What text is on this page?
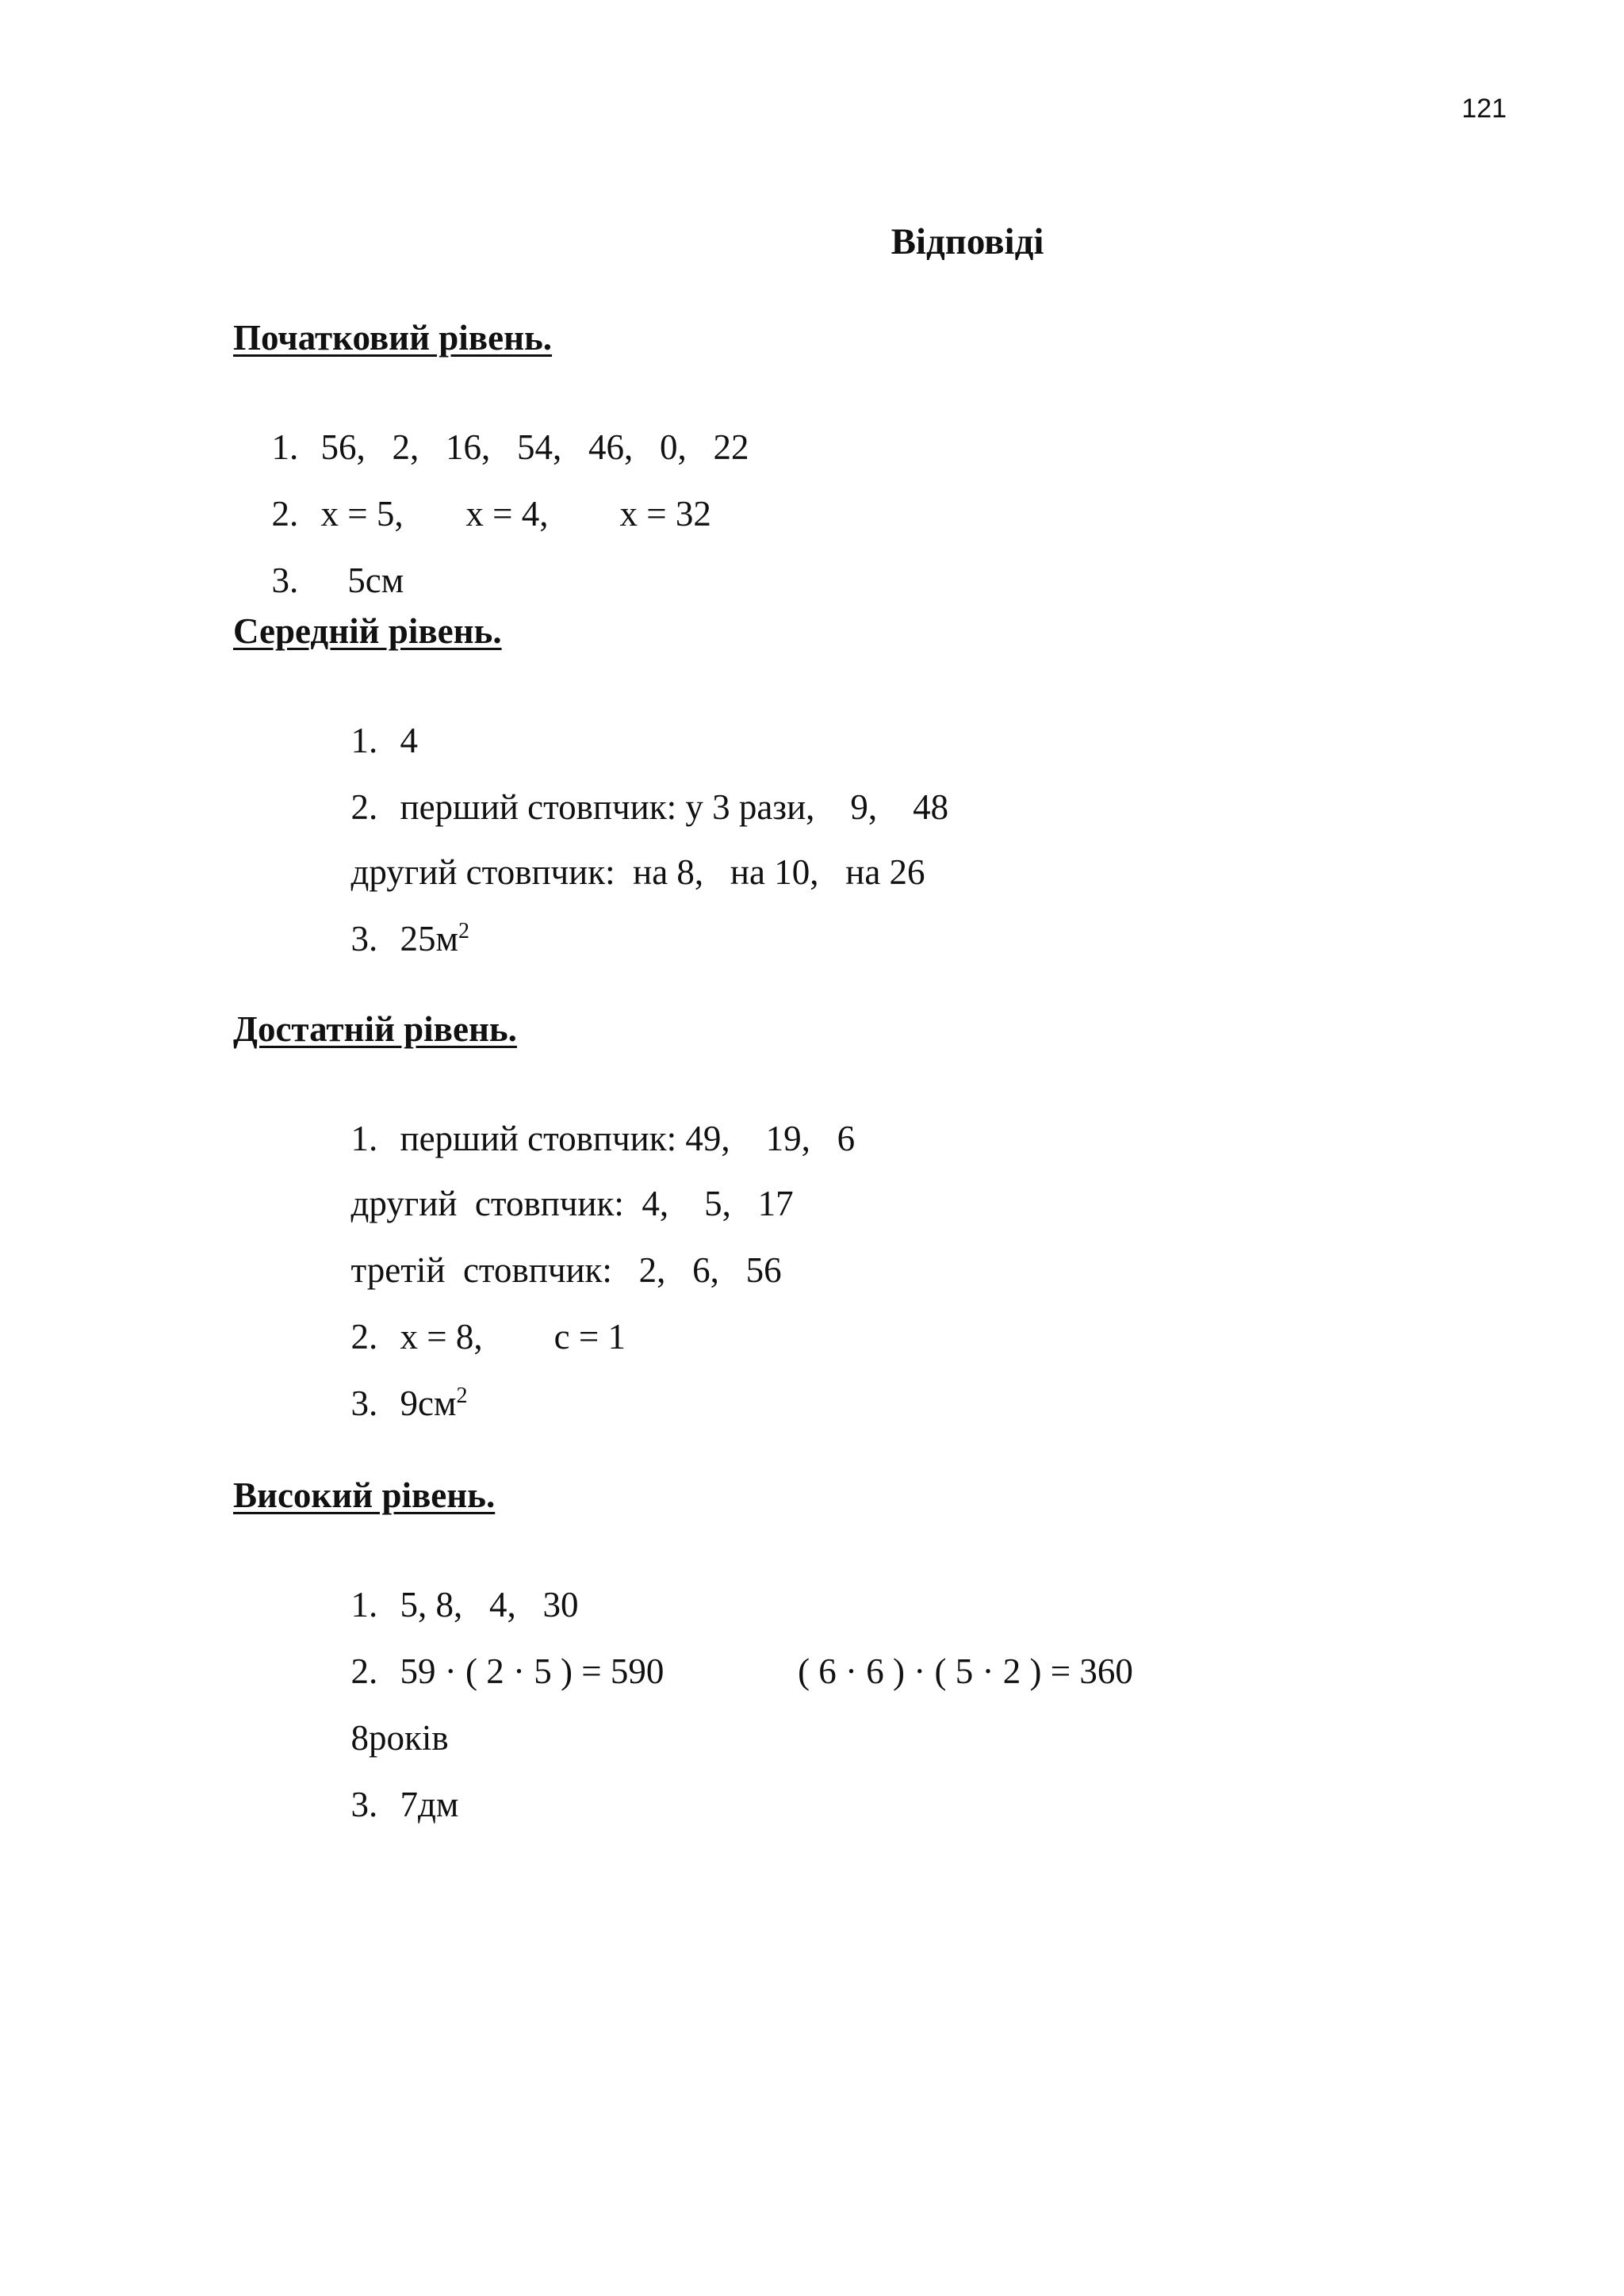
121
Відповіді
Початковий рівень.

1. 56,   2,   16,   54,   46,   0,   22

2. x = 5,       x = 4,        x = 32

3.   5см

Середній рівень.

1. 4

2. перший стовпчик: у 3 рази,    9,    48

другий стовпчик:  на 8,   на 10,   на 26

3. $25м^2$

Достатній рівень.

1. перший стовпчик: 49,    19,   6

другий  стовпчик:  4,    5,   17

третій  стовпчик:   2,   6,   56

2. x = 8,        c = 1

3. $9см^2$

Високий рівень.

1. 5, 8,   4,   30

2. 59 · ( 2 · 5 ) = 590               ( 6 · 6 ) · ( 5 · 2 ) = 360

8років

3. 7дм
